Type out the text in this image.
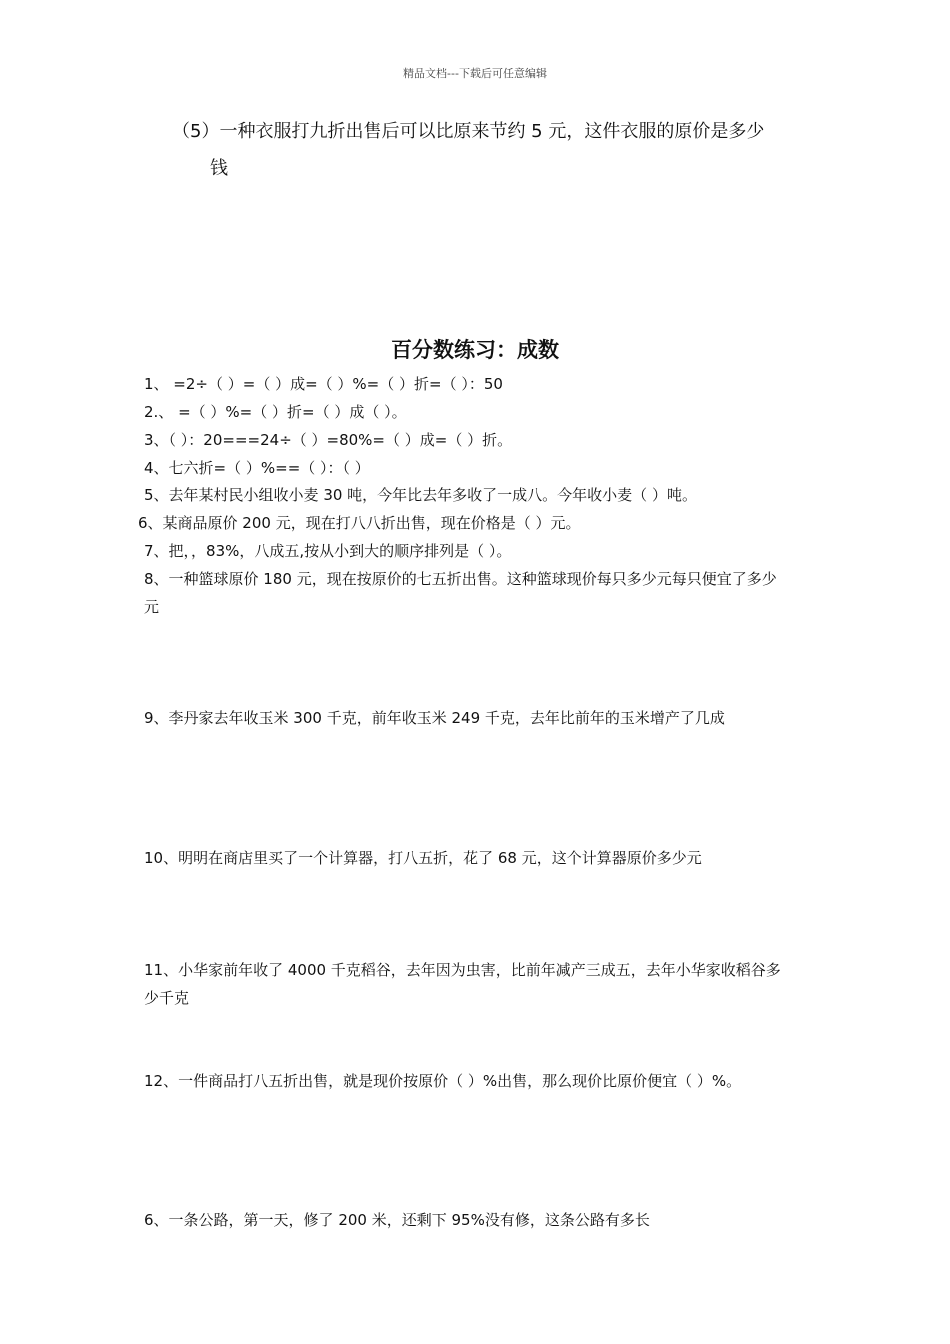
精品文档---下载后可任意编辑
（5）一种衣服打九折出售后可以比原来节约 5 元，这件衣服的原价是多少
钱
百分数练习：成数
1、 =2÷（ ）=（ ）成=（ ）%=（ ）折=（ ）：50
2.、 =（ ）%=（ ）折=（ ）成（ ）。
3、（ ）：20===24÷（ ）=80%=（ ）成=（ ）折。
4、七六折=（ ）%==（ ）：（ ）
5、去年某村民小组收小麦 30 吨，今年比去年多收了一成八。今年收小麦（ ）吨。
6、某商品原价 200 元，现在打八八折出售，现在价格是（ ）元。
7、把，，83%，八成五,按从小到大的顺序排列是（ ）。
8、一种篮球原价 180 元，现在按原价的七五折出售。这种篮球现价每只多少元每只便宜了多少
元
9、李丹家去年收玉米 300 千克，前年收玉米 249 千克，去年比前年的玉米增产了几成
10、明明在商店里买了一个计算器，打八五折，花了 68 元，这个计算器原价多少元
11、小华家前年收了 4000 千克稻谷，去年因为虫害，比前年减产三成五，去年小华家收稻谷多
少千克
12、一件商品打八五折出售，就是现价按原价（ ）%出售，那么现价比原价便宜（ ）%。
6、一条公路，第一天，修了 200 米，还剩下 95%没有修，这条公路有多长
